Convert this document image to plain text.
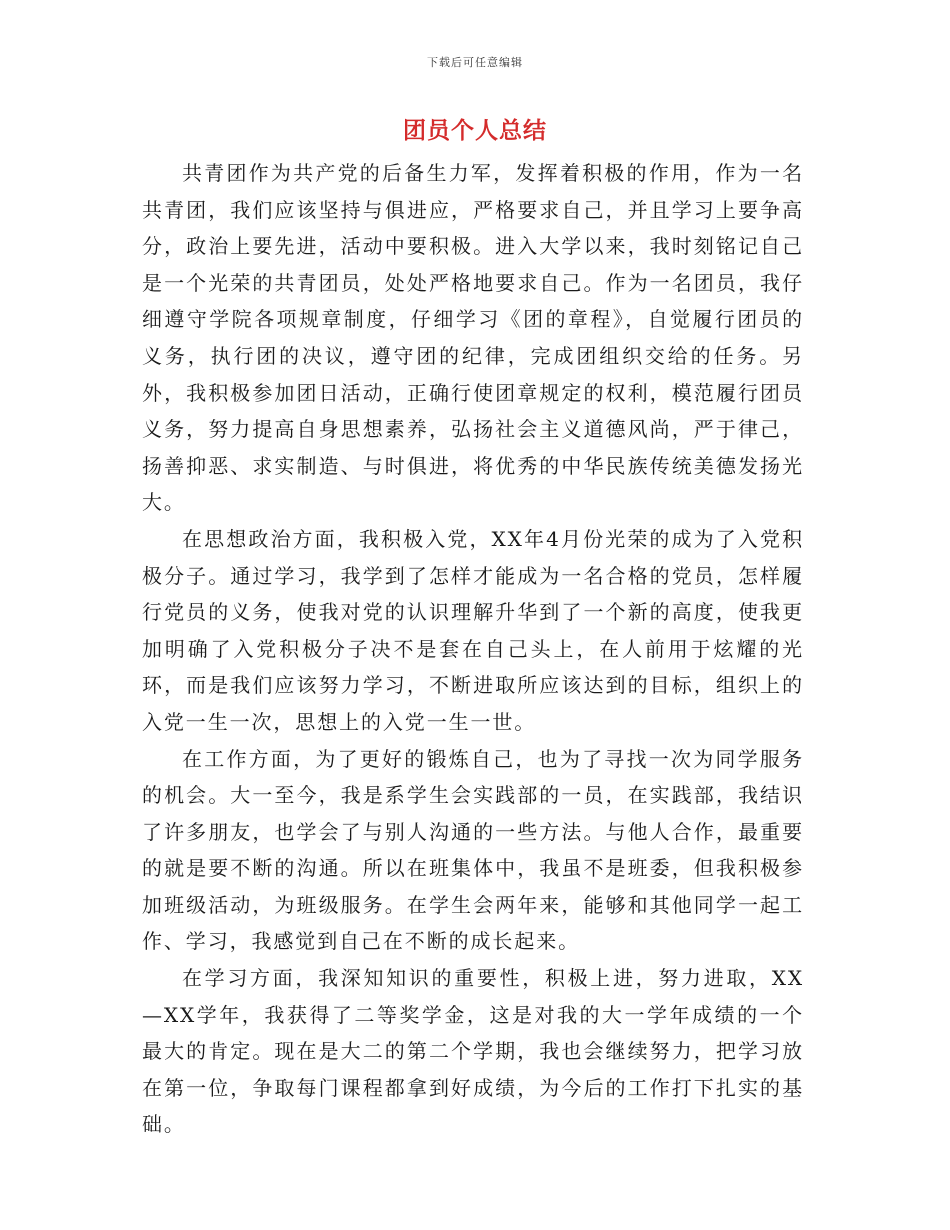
下载后可任意编辑
团员个人总结

共青团作为共产党的后备生力军，发挥着积极的作用，作为一名共青团，我们应该坚持与俱进应，严格要求自己，并且学习上要争高分，政治上要先进，活动中要积极。进入大学以来，我时刻铭记自己是一个光荣的共青团员，处处严格地要求自己。作为一名团员，我仔细遵守学院各项规章制度，仔细学习《团的章程》，自觉履行团员的义务，执行团的决议，遵守团的纪律，完成团组织交给的任务。另外，我积极参加团日活动，正确行使团章规定的权利，模范履行团员义务，努力提高自身思想素养，弘扬社会主义道德风尚，严于律己，扬善抑恶、求实制造、与时俱进，将优秀的中华民族传统美德发扬光大。

在思想政治方面，我积极入党，XX年4月份光荣的成为了入党积极分子。通过学习，我学到了怎样才能成为一名合格的党员，怎样履行党员的义务，使我对党的认识理解升华到了一个新的高度，使我更加明确了入党积极分子决不是套在自己头上，在人前用于炫耀的光环，而是我们应该努力学习，不断进取所应该达到的目标，组织上的入党一生一次，思想上的入党一生一世。

在工作方面，为了更好的锻炼自己，也为了寻找一次为同学服务的机会。大一至今，我是系学生会实践部的一员，在实践部，我结识了许多朋友，也学会了与别人沟通的一些方法。与他人合作，最重要的就是要不断的沟通。所以在班集体中，我虽不是班委，但我积极参加班级活动，为班级服务。在学生会两年来，能够和其他同学一起工作、学习，我感觉到自己在不断的成长起来。

在学习方面，我深知知识的重要性，积极上进，努力进取，XX—XX学年，我获得了二等奖学金，这是对我的大一学年成绩的一个最大的肯定。现在是大二的第二个学期，我也会继续努力，把学习放在第一位，争取每门课程都拿到好成绩，为今后的工作打下扎实的基础。
